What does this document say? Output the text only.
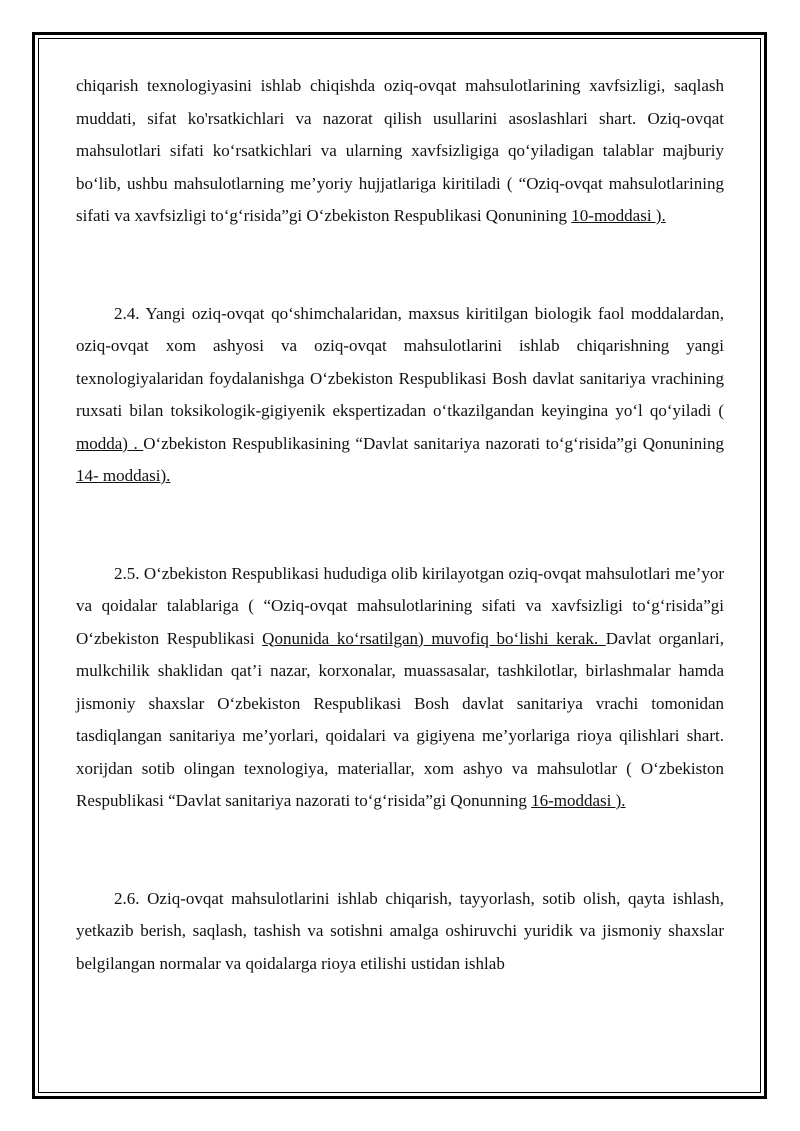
chiqarish texnologiyasini ishlab chiqishda oziq-ovqat mahsulotlarining xavfsizligi, saqlash muddati, sifat ko'rsatkichlari va nazorat qilish usullarini asoslashlari shart. Oziq-ovqat mahsulotlari sifati ko‘rsatkichlari va ularning xavfsizligiga qo‘yiladigan talablar majburiy bo‘lib, ushbu mahsulotlarning me’yoriy hujjatlariga kiritiladi ( “Oziq-ovqat mahsulotlarining sifati va xavfsizligi to‘g‘risida”gi O‘zbekiston Respublikasi Qonunining 10-moddasi ).

2.4. Yangi oziq-ovqat qo‘shimchalaridan, maxsus kiritilgan biologik faol moddalardan, oziq-ovqat xom ashyosi va oziq-ovqat mahsulotlarini ishlab chiqarishning yangi texnologiyalaridan foydalanishga O‘zbekiston Respublikasi Bosh davlat sanitariya vrachining ruxsati bilan toksikologik-gigiyenik ekspertizadan o‘tkazilgandan keyingina yo‘l qo‘yiladi ( modda) . O‘zbekiston Respublikasining “Davlat sanitariya nazorati to‘g‘risida”gi Qonunining 14- moddasi).

2.5. O‘zbekiston Respublikasi hududiga olib kirilayotgan oziq-ovqat mahsulotlari me’yor va qoidalar talablariga ( “Oziq-ovqat mahsulotlarining sifati va xavfsizligi to‘g‘risida”gi O‘zbekiston Respublikasi Qonunida ko‘rsatilgan) muvofiq bo‘lishi kerak. Davlat organlari, mulkchilik shaklidan qat’i nazar, korxonalar, muassasalar, tashkilotlar, birlashmalar hamda jismoniy shaxslar O‘zbekiston Respublikasi Bosh davlat sanitariya vrachi tomonidan tasdiqlangan sanitariya me’yorlari, qoidalari va gigiyena me’yorlariga rioya qilishlari shart. xorijdan sotib olingan texnologiya, materiallar, xom ashyo va mahsulotlar ( O‘zbekiston Respublikasi “Davlat sanitariya nazorati to‘g‘risida”gi Qonunning 16-moddasi ).

2.6. Oziq-ovqat mahsulotlarini ishlab chiqarish, tayyorlash, sotib olish, qayta ishlash, yetkazib berish, saqlash, tashish va sotishni amalga oshiruvchi yuridik va jismoniy shaxslar belgilangan normalar va qoidalarga rioya etilishi ustidan ishlab
